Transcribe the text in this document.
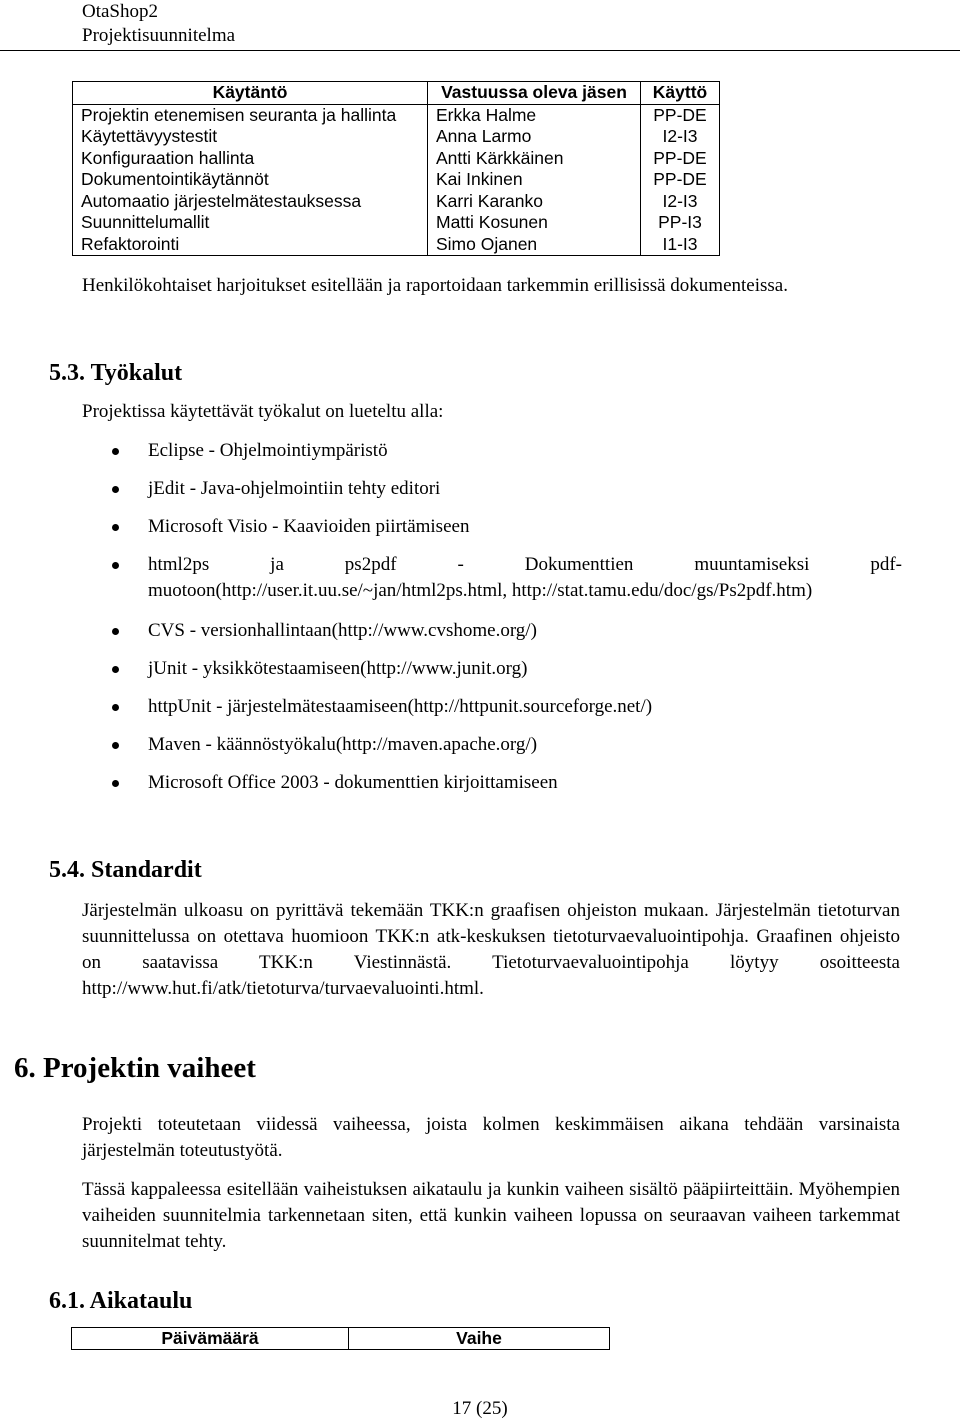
OtaShop2
Projektisuunnitelma
Käytäntö	Vastuussa oleva jäsen	Käyttö
Projektin etenemisen seuranta ja hallinta	Erkka Halme	PP-DE
Käytettävyystestit	Anna Larmo	I2-I3
Konfiguraation hallinta	Antti Kärkkäinen	PP-DE
Dokumentointikäytännöt	Kai Inkinen	PP-DE
Automaatio järjestelmätestauksessa	Karri Karanko	I2-I3
Suunnittelumallit	Matti Kosunen	PP-I3
Refaktorointi	Simo Ojanen	I1-I3
Henkilökohtaiset harjoitukset esitellään ja raportoidaan tarkemmin erillisissä dokumenteissa.
5.3. Työkalut
Projektissa käytettävät työkalut on lueteltu alla:
Eclipse - Ohjelmointiympäristö
jEdit - Java-ohjelmointiin tehty editori
Microsoft Visio - Kaavioiden piirtämiseen
html2ps ja ps2pdf - Dokumenttien muuntamiseksi pdf-muotoon(http://user.it.uu.se/~jan/html2ps.html, http://stat.tamu.edu/doc/gs/Ps2pdf.htm)
CVS - versionhallintaan(http://www.cvshome.org/)
jUnit - yksikkötestaamiseen(http://www.junit.org)
httpUnit - järjestelmätestaamiseen(http://httpunit.sourceforge.net/)
Maven - käännöstyökalu(http://maven.apache.org/)
Microsoft Office 2003 - dokumenttien kirjoittamiseen
5.4. Standardit
Järjestelmän ulkoasu on pyrittävä tekemään TKK:n graafisen ohjeiston mukaan. Järjestelmän tietoturvan suunnittelussa on otettava huomioon TKK:n atk-keskuksen tietoturvaevaluointipohja. Graafinen ohjeisto on saatavissa TKK:n Viestinnästä. Tietoturvaevaluointipohja löytyy osoitteesta http://www.hut.fi/atk/tietoturva/turvaevaluointi.html.
6. Projektin vaiheet
Projekti toteutetaan viidessä vaiheessa, joista kolmen keskimmäisen aikana tehdään varsinaista järjestelmän toteutustyötä.
Tässä kappaleessa esitellään vaiheistuksen aikataulu ja kunkin vaiheen sisältö pääpiirteittäin. Myöhempien vaiheiden suunnitelmia tarkennetaan siten, että kunkin vaiheen lopussa on seuraavan vaiheen tarkemmat suunnitelmat tehty.
6.1. Aikataulu
Päivämäärä	Vaihe
17 (25)
